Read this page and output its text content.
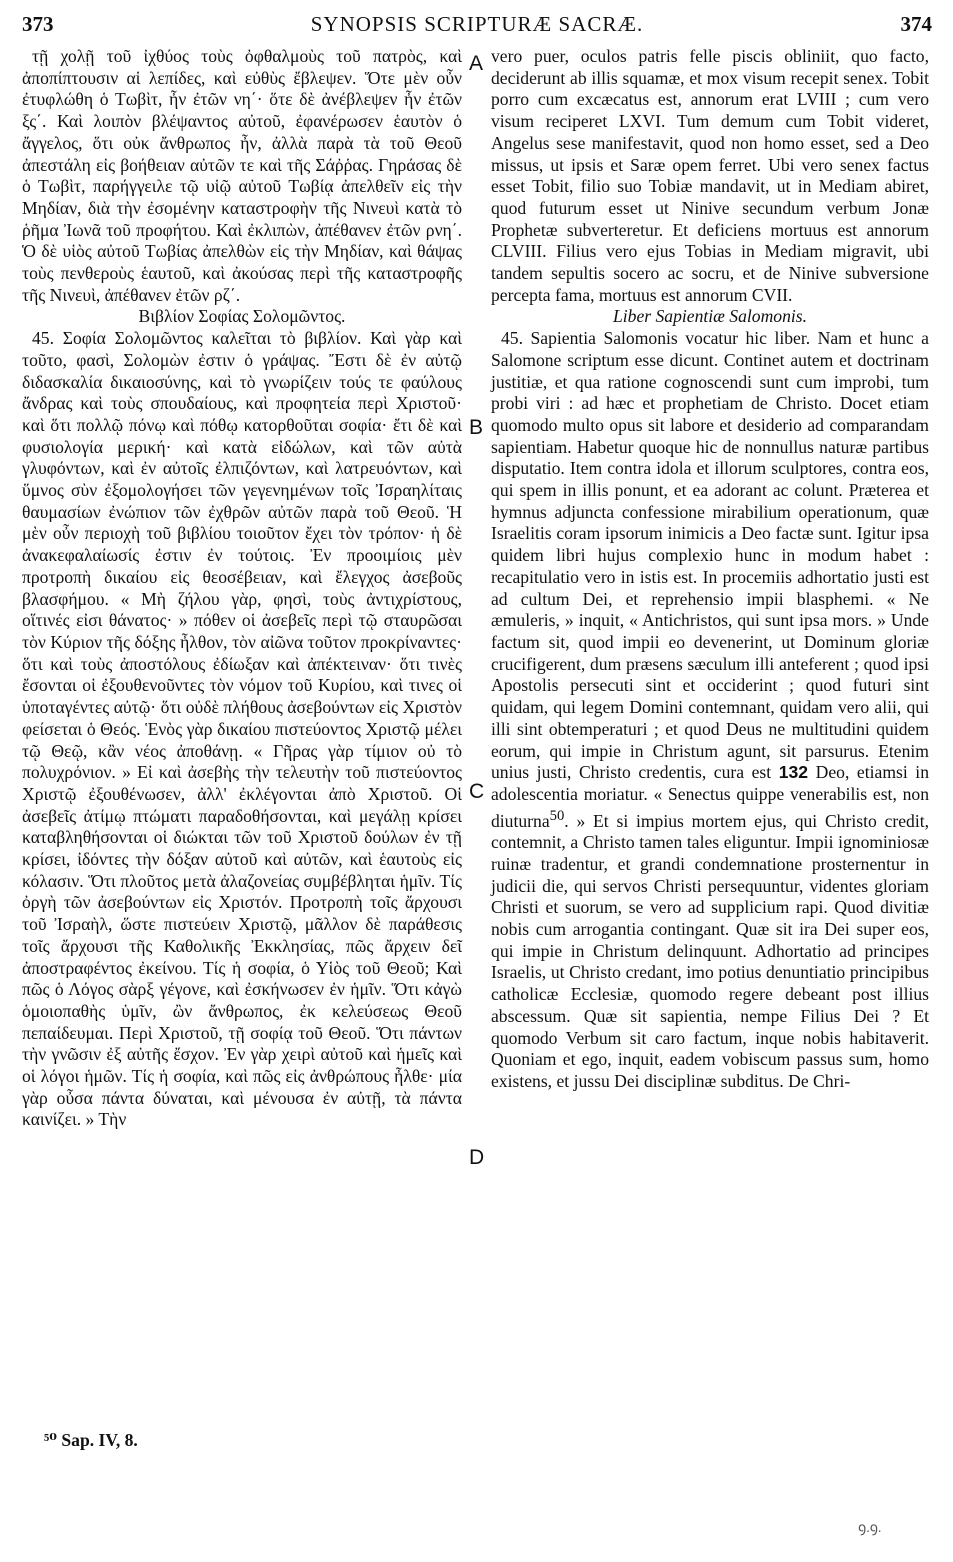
373	SYNOPSIS SCRIPTURÆ SACRÆ.	374

τῇ χολῇ τοῦ ἰχθύος τοὺς ὀφθαλμοὺς τοῦ πατρὸς, καὶ ἀποπίπτουσιν αἱ λεπίδες, καὶ εὐθὺς ἔβλεψεν. Ὅτε μὲν οὖν ἐτυφλώθη ὁ Τωβὶτ, ἦν ἐτῶν νη΄· ὅτε δὲ ἀνέβλεψεν ἦν ἐτῶν ξς΄. Καὶ λοιπὸν βλέψαντος αὐτοῦ, ἐφανέρωσεν ἑαυτὸν ὁ ἄγγελος, ὅτι οὐκ ἄνθρωπος ἦν, ἀλλὰ παρὰ τὰ τοῦ Θεοῦ ἀπεστάλη εἰς βοήθειαν αὐτῶν τε καὶ τῆς Σάῤῥας. Γηράσας δὲ ὁ Τωβὶτ, παρήγγειλε τῷ υἱῷ αὐτοῦ Τωβίᾳ ἀπελθεῖν εἰς τὴν Μηδίαν, διὰ τὴν ἐσομένην καταστροφὴν τῆς Νινευὶ κατὰ τὸ ῥῆμα Ἰωνᾶ τοῦ προφήτου. Καὶ ἐκλιπὼν, ἀπέθανεν ἐτῶν ρνη΄. Ὁ δὲ υἱὸς αὐτοῦ Τωβίας ἀπελθὼν εἰς τὴν Μηδίαν, καὶ θάψας τοὺς πενθεροὺς ἑαυτοῦ, καὶ ἀκούσας περὶ τῆς καταστροφῆς τῆς Νινευὶ, ἀπέθανεν ἐτῶν ρζ΄.

Βιβλίον Σοφίας Σολομῶντος.

45. Σοφία Σολομῶντος καλεῖται τὸ βιβλίον. Καὶ γὰρ καὶ τοῦτο, φασὶ, Σολομὼν ἐστιν ὁ γράψας. Ἔστι δὲ ἐν αὐτῷ διδασκαλία δικαιοσύνης, καὶ τὸ γνωρίζειν τούς τε φαύλους ἄνδρας καὶ τοὺς σπουδαίους, καὶ προφητεία περὶ Χριστοῦ· καὶ ὅτι πολλῷ πόνῳ καὶ πόθῳ κατορθοῦται σοφία· ἔτι δὲ καὶ φυσιολογία μερική· καὶ κατὰ εἰδώλων, καὶ τῶν αὐτὰ γλυφόντων, καὶ ἐν αὐτοῖς ἐλπιζόντων, καὶ λατρευόντων, καὶ ὕμνος σὺν ἐξομολογήσει τῶν γεγενημένων τοῖς Ἰσραηλίταις θαυμασίων ἐνώπιον τῶν ἐχθρῶν αὐτῶν παρὰ τοῦ Θεοῦ. Ἡ μὲν οὖν περιοχὴ τοῦ βιβλίου τοιοῦτον ἔχει τὸν τρόπον· ἡ δὲ ἀνακεφαλαίωσίς ἐστιν ἐν τούτοις. Ἐν προοιμίοις μὲν προτροπὴ δικαίου εἰς θεοσέβειαν, καὶ ἔλεγχος ἀσεβοῦς βλασφήμου. « Μὴ ζήλου γὰρ, φησὶ, τοὺς ἀντιχρίστους, οἵτινές εἰσι θάνατος· » πόθεν οἱ ἀσεβεῖς περὶ τῷ σταυρῶσαι τὸν Κύριον τῆς δόξης ἦλθον, τὸν αἰῶνα τοῦτον προκρίναντες· ὅτι καὶ τοὺς ἀποστόλους ἐδίωξαν καὶ ἀπέκτειναν· ὅτι τινὲς ἔσονται οἱ ἐξουθενοῦντες τὸν νόμον τοῦ Κυρίου, καὶ τινες οἱ ὑποταγέντες αὐτῷ· ὅτι οὐδὲ πλήθους ἀσεβούντων εἰς Χριστὸν φείσεται ὁ Θεός. Ἑνὸς γὰρ δικαίου πιστεύοντος Χριστῷ μέλει τῷ Θεῷ, κἂν νέος ἀποθάνῃ. « Γῆρας γὰρ τίμιον οὐ τὸ πολυχρόνιον. » Εἰ καὶ ἀσεβὴς τὴν τελευτὴν τοῦ πιστεύοντος Χριστῷ ἐξουθένωσεν, ἀλλ' ἐκλέγονται ἀπὸ Χριστοῦ. Οἱ ἀσεβεῖς ἀτίμῳ πτώματι παραδοθήσονται, καὶ μεγάλῃ κρίσει καταβληθήσονται οἱ διώκται τῶν τοῦ Χριστοῦ δούλων ἐν τῇ κρίσει, ἰδόντες τὴν δόξαν αὐτοῦ καὶ αὐτῶν, καὶ ἑαυτοὺς εἰς κόλασιν. Ὅτι πλοῦτος μετὰ ἀλαζονείας συμβέβληται ἡμῖν. Τίς ὀργὴ τῶν ἀσεβούντων εἰς Χριστόν. Προτροπὴ τοῖς ἄρχουσι τοῦ Ἰσραὴλ, ὥστε πιστεύειν Χριστῷ, μᾶλλον δὲ παράθεσις τοῖς ἄρχουσι τῆς Καθολικῆς Ἐκκλησίας, πῶς ἄρχειν δεῖ ἀποστραφέντος ἐκείνου. Τίς ἡ σοφία, ὁ Υἱὸς τοῦ Θεοῦ; Καὶ πῶς ὁ Λόγος σὰρξ γέγονε, καὶ ἐσκήνωσεν ἐν ἡμῖν. Ὅτι κἀγὼ ὁμοιοπαθὴς ὑμῖν, ὢν ἄνθρωπος, ἐκ κελεύσεως Θεοῦ πεπαίδευμαι. Περὶ Χριστοῦ, τῇ σοφίᾳ τοῦ Θεοῦ. Ὅτι πάντων τὴν γνῶσιν ἐξ αὐτῆς ἔσχον. Ἐν γὰρ χειρὶ αὐτοῦ καὶ ἡμεῖς καὶ οἱ λόγοι ἡμῶν. Τίς ἡ σοφία, καὶ πῶς εἰς ἀνθρώπους ἦλθε· μία γὰρ οὖσα πάντα δύναται, καὶ μένουσα ἐν αὐτῇ, τὰ πάντα καινίζει. » Τὴν

A
B
C
D

vero puer, oculos patris felle piscis obliniit, quo facto, deciderunt ab illis squamæ, et mox visum recepit senex. Tobit porro cum excæcatus est, annorum erat LVIII ; cum vero visum reciperet LXVI. Tum demum cum Tobit videret, Angelus sese manifestavit, quod non homo esset, sed a Deo missus, ut ipsis et Saræ opem ferret. Ubi vero senex factus esset Tobit, filio suo Tobiæ mandavit, ut in Mediam abiret, quod futurum esset ut Ninive secundum verbum Jonæ Prophetæ subverteretur. Et deficiens mortuus est annorum CLVIII. Filius vero ejus Tobias in Mediam migravit, ubi tandem sepultis socero ac socru, et de Ninive subversione percepta fama, mortuus est annorum CVII.

Liber Sapientiæ Salomonis.

45. Sapientia Salomonis vocatur hic liber. Nam et hunc a Salomone scriptum esse dicunt. Continet autem et doctrinam justitiæ, et qua ratione cognoscendi sunt cum improbi, tum probi viri : ad hæc et prophetiam de Christo. Docet etiam quomodo multo opus sit labore et desiderio ad comparandam sapientiam. Habetur quoque hic de nonnullus naturæ partibus disputatio. Item contra idola et illorum sculptores, contra eos, qui spem in illis ponunt, et ea adorant ac colunt. Præterea et hymnus adjuncta confessione mirabilium operationum, quæ Israelitis coram ipsorum inimicis a Deo factæ sunt. Igitur ipsa quidem libri hujus complexio hunc in modum habet : recapitulatio vero in istis est. In procemiis adhortatio justi est ad cultum Dei, et reprehensio impii blasphemi. « Ne æmuleris, » inquit, « Antichristos, qui sunt ipsa mors. » Unde factum sit, quod impii eo devenerint, ut Dominum gloriæ crucifigerent, dum præsens sæculum illi anteferent ; quod ipsi Apostolis persecuti sint et occiderint ; quod futuri sint quidam, qui legem Domini contemnant, quidam vero alii, qui illi sint obtemperaturi ; et quod Deus ne multitudini quidem eorum, qui impie in Christum agunt, sit parsurus. Etenim unius justi, Christo credentis, cura est 132 Deo, etiamsi in adolescentia moriatur. « Senectus quippe venerabilis est, non diuturna$^{50}$. » Et si impius mortem ejus, qui Christo credit, contemnit, a Christo tamen tales eliguntur. Impii ignominiosæ ruinæ tradentur, et grandi condemnatione prosternentur in judicii die, qui servos Christi persequuntur, videntes gloriam Christi et suorum, se vero ad supplicium rapi. Quod divitiæ nobis cum arrogantia contingant. Quæ sit ira Dei super eos, qui impie in Christum delinquunt. Adhortatio ad principes Israelis, ut Christo credant, imo potius denuntiatio principibus catholicæ Ecclesiæ, quomodo regere debeant post illius abscessum. Quæ sit sapientia, nempe Filius Dei ? Et quomodo Verbum sit caro factum, inque nobis habitaverit. Quoniam et ego, inquit, eadem vobiscum passus sum, homo existens, et jussu Dei disciplinæ subditus. De Chri-

⁵⁰ Sap. IV, 8.
ꝯ.ꝯ.
